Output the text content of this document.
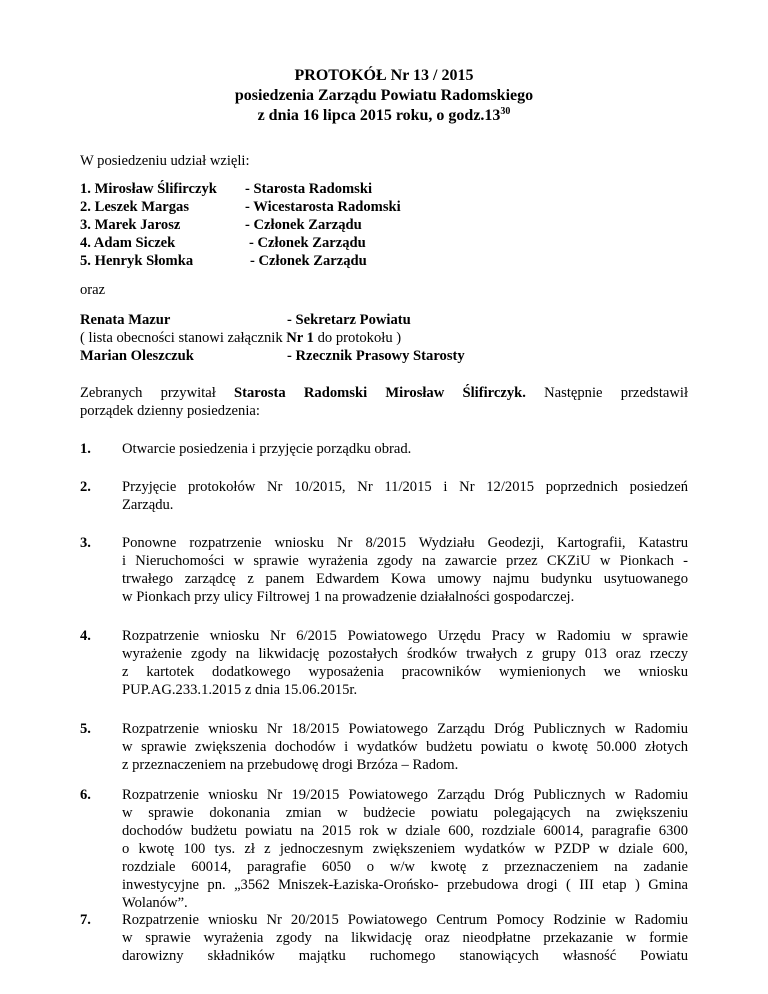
PROTOKÓŁ Nr 13 / 2015
posiedzenia Zarządu Powiatu Radomskiego
z dnia 16 lipca 2015 roku, o $godz.13^{30}$
W posiedzeniu udział wzięli:
1. Mirosław Ślifirczyk - Starosta Radomski
2. Leszek Margas	- Wicestarosta Radomski
3. Marek Jarosz	- Członek Zarządu
4. Adam Siczek	- Członek Zarządu
5. Henryk Słomka	- Członek Zarządu
oraz
Renata Mazur	- Sekretarz Powiatu
( lista obecności stanowi załącznik Nr 1 do protokołu )
Marian Oleszczuk	- Rzecznik Prasowy Starosty
Zebranych przywitał Starosta Radomski Mirosław Ślifirczyk. Następnie przedstawił
porządek dzienny posiedzenia:
1. Otwarcie posiedzenia i przyjęcie porządku obrad.
2. Przyjęcie protokołów Nr 10/2015, Nr 11/2015 i Nr 12/2015 poprzednich posiedzeń
Zarządu.
3. Ponowne rozpatrzenie wniosku Nr 8/2015 Wydziału Geodezji, Kartografii, Katastru
i Nieruchomości w sprawie wyrażenia zgody na zawarcie przez CKZiU w Pionkach -
trwałego zarządcę z panem Edwardem Kowa umowy najmu budynku usytuowanego
w Pionkach przy ulicy Filtrowej 1 na prowadzenie działalności gospodarczej.
4. Rozpatrzenie wniosku Nr 6/2015 Powiatowego Urzędu Pracy w Radomiu w sprawie
wyrażenie zgody na likwidację pozostałych środków trwałych z grupy 013 oraz rzeczy
z kartotek dodatkowego wyposażenia pracowników wymienionych we wniosku
PUP.AG.233.1.2015 z dnia 15.06.2015r.
5. Rozpatrzenie wniosku Nr 18/2015 Powiatowego Zarządu Dróg Publicznych w Radomiu
w sprawie zwiększenia dochodów i wydatków budżetu powiatu o kwotę 50.000 złotych
z przeznaczeniem na przebudowę drogi Brzóza – Radom.
6. Rozpatrzenie wniosku Nr 19/2015 Powiatowego Zarządu Dróg Publicznych w Radomiu
w sprawie dokonania zmian w budżecie powiatu polegających na zwiększeniu
dochodów budżetu powiatu na 2015 rok w dziale 600, rozdziale 60014, paragrafie 6300
o kwotę 100 tys. zł z jednoczesnym zwiększeniem wydatków w PZDP w dziale 600,
rozdziale 60014, paragrafie 6050 o w/w kwotę z przeznaczeniem na zadanie
inwestycyjne pn. „3562 Mniszek-Łaziska-Orońsko- przebudowa drogi ( III etap ) Gmina
Wolanów”.
7. Rozpatrzenie wniosku Nr 20/2015 Powiatowego Centrum Pomocy Rodzinie w Radomiu
w sprawie wyrażenia zgody na likwidację oraz nieodpłatne przekazanie w formie
darowizny składników majątku ruchomego stanowiących własność Powiatu
